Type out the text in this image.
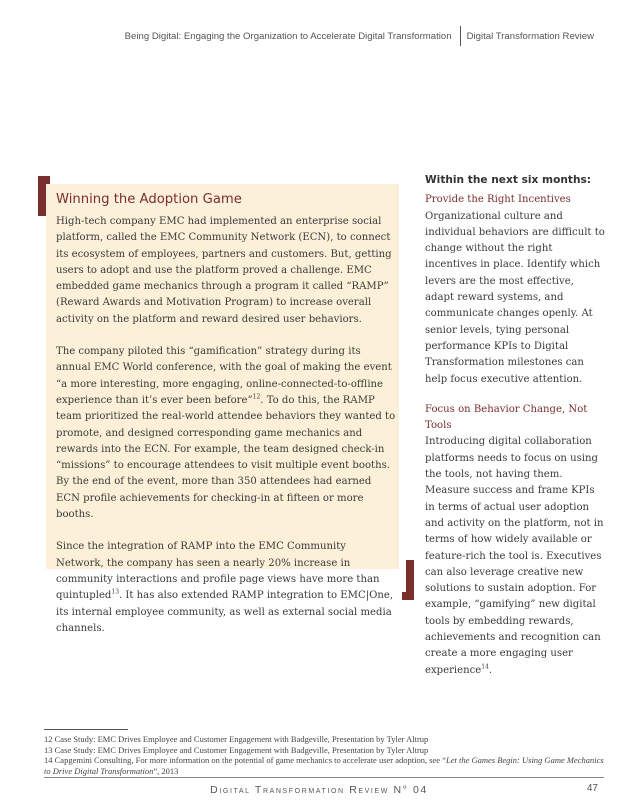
Being Digital: Engaging the Organization to Accelerate Digital Transformation Digital Transformation Review
Winning the Adoption Game

High-tech company EMC had implemented an enterprise social platform, called the EMC Community Network (ECN), to connect its ecosystem of employees, partners and customers. But, getting users to adopt and use the platform proved a challenge. EMC embedded game mechanics through a program it called “RAMP” (Reward Awards and Motivation Program) to increase overall activity on the platform and reward desired user behaviors.

The company piloted this “gamification” strategy during its annual EMC World conference, with the goal of making the event “a more interesting, more engaging, online-connected-to-offline experience than it’s ever been before”$^{12}$. To do this, the RAMP team prioritized the real-world attendee behaviors they wanted to promote, and designed corresponding game mechanics and rewards into the ECN. For example, the team designed check-in “missions” to encourage attendees to visit multiple event booths. By the end of the event, more than 350 attendees had earned ECN profile achievements for checking-in at fifteen or more booths.

Since the integration of RAMP into the EMC Community Network, the company has seen a nearly 20% increase in community interactions and profile page views have more than quintupled$^{13}$. It has also extended RAMP integration to EMC|One, its internal employee community, as well as external social media channels.

Within the next six months:
Provide the Right Incentives

Organizational culture and individual behaviors are difficult to change without the right incentives in place. Identify which levers are the most effective, adapt reward systems, and communicate changes openly. At senior levels, tying personal performance KPIs to Digital Transformation milestones can help focus executive attention.

Focus on Behavior Change, Not Tools

Introducing digital collaboration platforms needs to focus on using the tools, not having them. Measure success and frame KPIs in terms of actual user adoption and activity on the platform, not in terms of how widely available or feature-rich the tool is. Executives can also leverage creative new solutions to sustain adoption. For example, “gamifying” new digital tools by embedding rewards, achievements and recognition can create a more engaging user experience$^{14}$.

12 Case Study: EMC Drives Employee and Customer Engagement with Badgeville, Presentation by Tyler Altrup
13 Case Study: EMC Drives Employee and Customer Engagement with Badgeville, Presentation by Tyler Altrup
14 Capgemini Consulting, For more information on the potential of game mechanics to accelerate user adoption, see “Let the Games Begin: Using Game Mechanics to Drive Digital Transformation”, 2013
Digital Transformation Review N° 04	47
